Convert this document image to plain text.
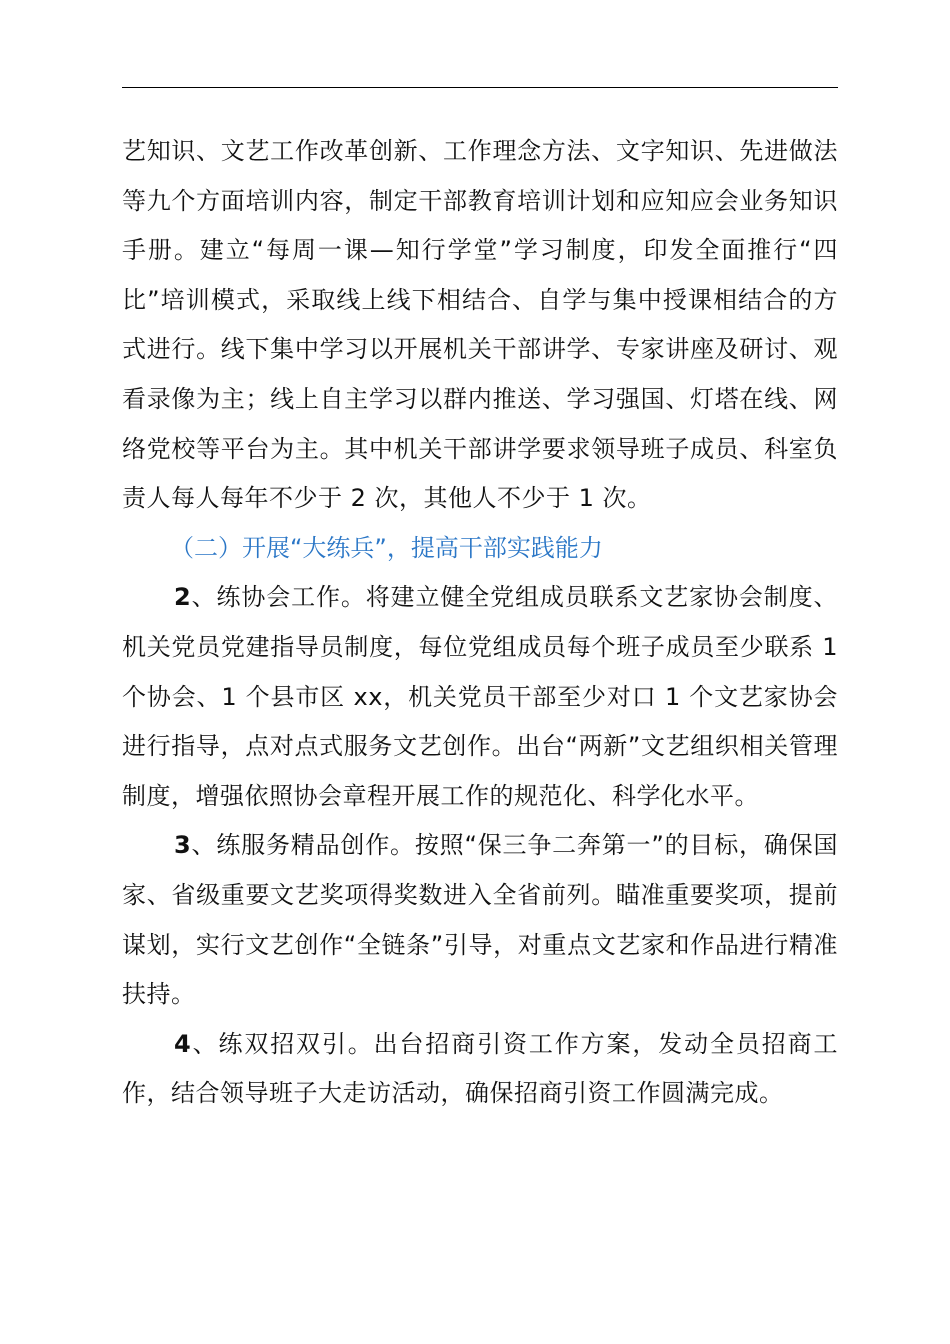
艺知识、文艺工作改革创新、工作理念方法、文字知识、先进做法等九个方面培训内容，制定干部教育培训计划和应知应会业务知识手册。建立“每周一课—知行学堂”学习制度，印发全面推行“四比”培训模式，采取线上线下相结合、自学与集中授课相结合的方式进行。线下集中学习以开展机关干部讲学、专家讲座及研讨、观看录像为主；线上自主学习以群内推送、学习强国、灯塔在线、网络党校等平台为主。其中机关干部讲学要求领导班子成员、科室负责人每人每年不少于 2 次，其他人不少于 1 次。

（二）开展“大练兵”，提高干部实践能力

2、练协会工作。将建立健全党组成员联系文艺家协会制度、机关党员党建指导员制度，每位党组成员每个班子成员至少联系 1 个协会、1 个县市区 xx，机关党员干部至少对口 1 个文艺家协会进行指导，点对点式服务文艺创作。出台“两新”文艺组织相关管理制度，增强依照协会章程开展工作的规范化、科学化水平。

3、练服务精品创作。按照“保三争二奔第一”的目标，确保国家、省级重要文艺奖项得奖数进入全省前列。瞄准重要奖项，提前谋划，实行文艺创作“全链条”引导，对重点文艺家和作品进行精准扶持。

4、练双招双引。出台招商引资工作方案，发动全员招商工作，结合领导班子大走访活动，确保招商引资工作圆满完成。
